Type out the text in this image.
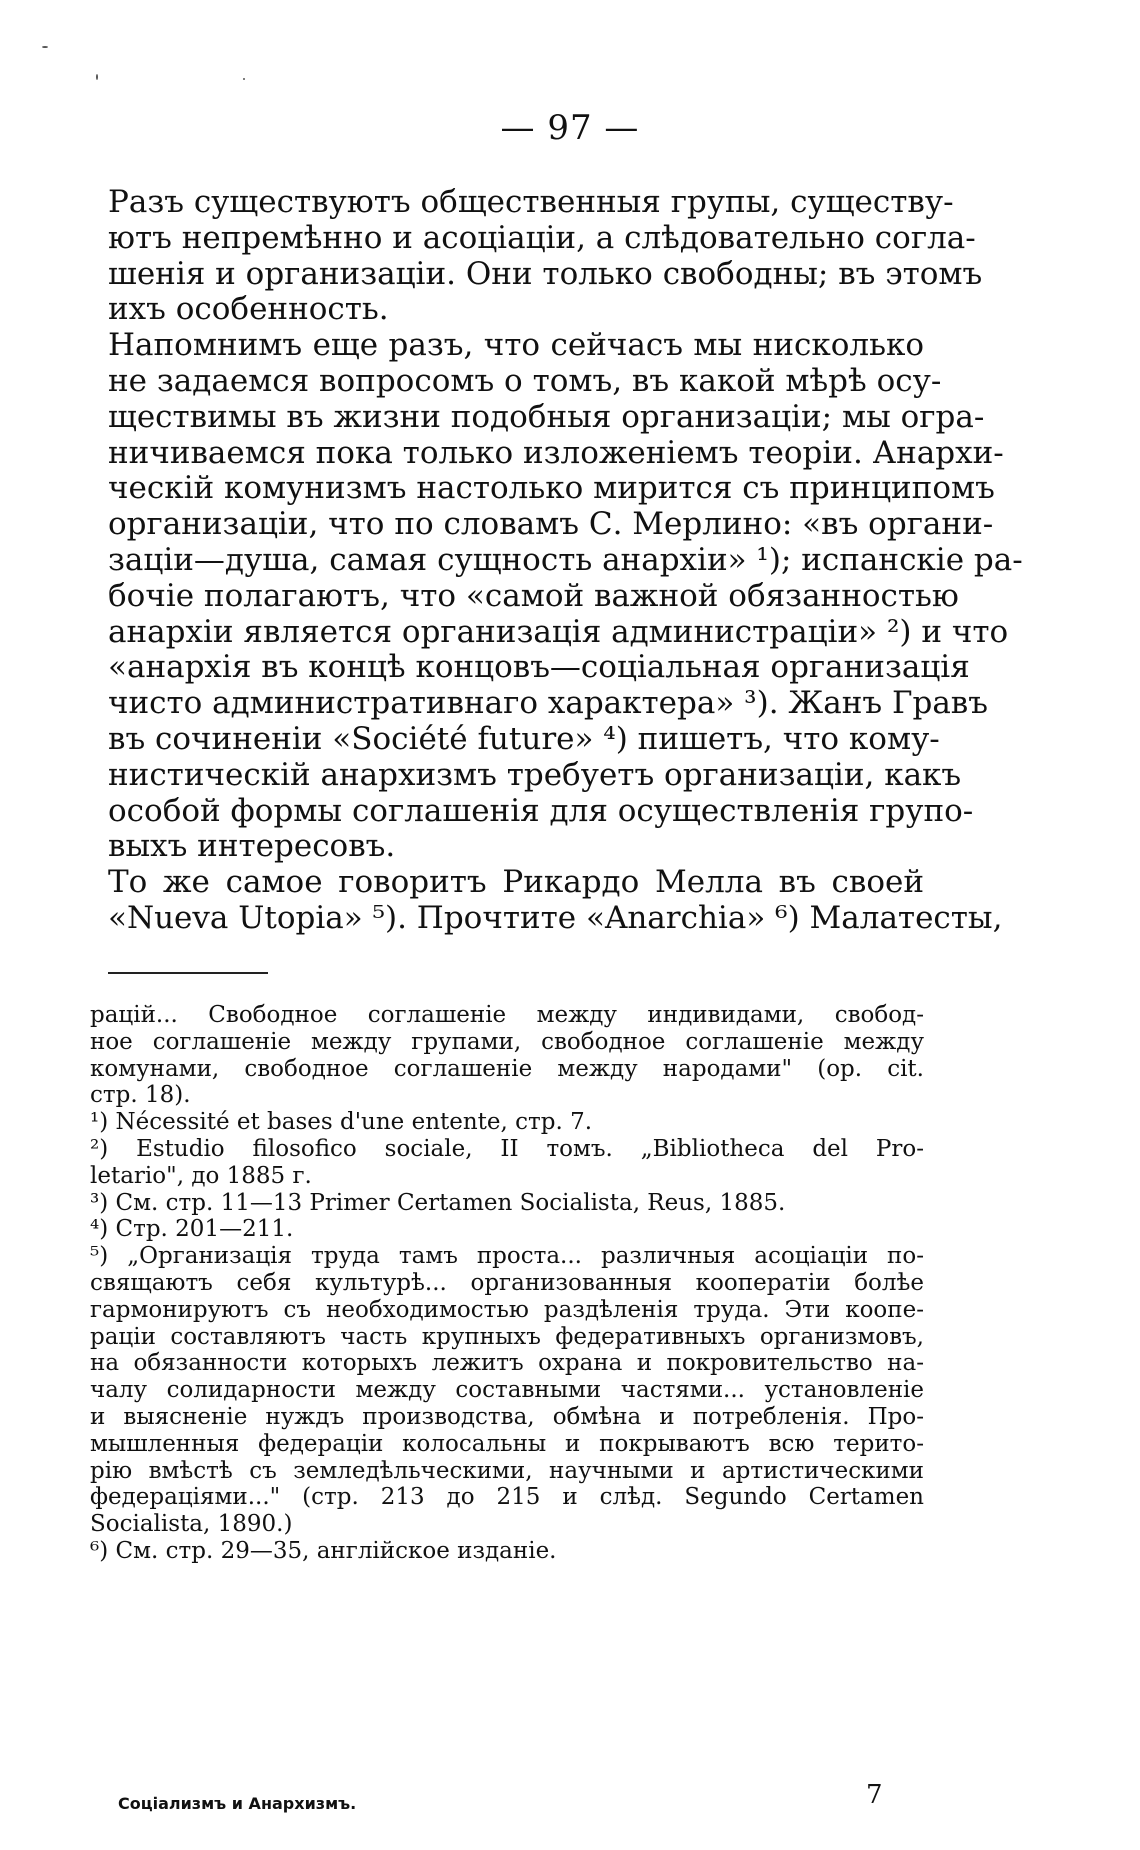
— 97 —
Разъ существуютъ общественныя групы, существу-
ютъ непремѣнно и асоціаціи, а слѣдовательно согла-
шенія и организаціи. Они только свободны; въ этомъ
ихъ особенность.
Напомнимъ еще разъ, что сейчасъ мы нисколько
не задаемся вопросомъ о томъ, въ какой мѣрѣ осу-
ществимы въ жизни подобныя организаціи; мы огра-
ничиваемся пока только изложеніемъ теоріи. Анархи-
ческій комунизмъ настолько мирится съ принципомъ
организаціи, что по словамъ С. Мерлино: «въ органи-
заціи—душа, самая сущность анархіи» ¹); испанскіе ра-
бочіе полагаютъ, что «самой важной обязанностью
анархіи является организація администраціи» ²) и что
«анархія въ концѣ концовъ—соціальная организація
чисто административнаго характера» ³). Жанъ Гравъ
въ сочиненіи «Société future» ⁴) пишетъ, что кому-
нистическій анархизмъ требуетъ организаціи, какъ
особой формы соглашенія для осуществленія групо-
выхъ интересовъ.
То же самое говоритъ Рикардо Мелла въ своей
«Nueva Utopia» ⁵). Прочтите «Anarchia» ⁶) Малатесты,
рацій... Свободное соглашеніе между индивидами, свобод-
ное соглашеніе между групами, свободное соглашеніе между
комунами, свободное соглашеніе между народами" (op. cit.
стр. 18).
¹) Nécessité et bases d'une entente, стр. 7.
²) Estudio filosofico sociale, II томъ. „Bibliotheca del Pro-
letario", до 1885 г.
³) См. стр. 11—13 Primer Certamen Socialista, Reus, 1885.
⁴) Стр. 201—211.
⁵) „Организація труда тамъ проста... различныя асоціаціи по-
свящаютъ себя культурѣ... организованныя кооператіи болѣе
гармонируютъ съ необходимостью раздѣленія труда. Эти коопе-
раціи составляютъ часть крупныхъ федеративныхъ организмовъ,
на обязанности которыхъ лежитъ охрана и покровительство на-
чалу солидарности между составными частями... установленіе
и выясненіе нуждъ производства, обмѣна и потребленія. Про-
мышленныя федераціи колосальны и покрываютъ всю терито-
рію вмѣстѣ съ земледѣльческими, научными и артистическими
федераціями..." (стр. 213 до 215 и слѣд. Segundo Certamen
Socialista, 1890.)
⁶) См. стр. 29—35, англійское изданіе.
Соціализмъ и Анархизмъ.	7
